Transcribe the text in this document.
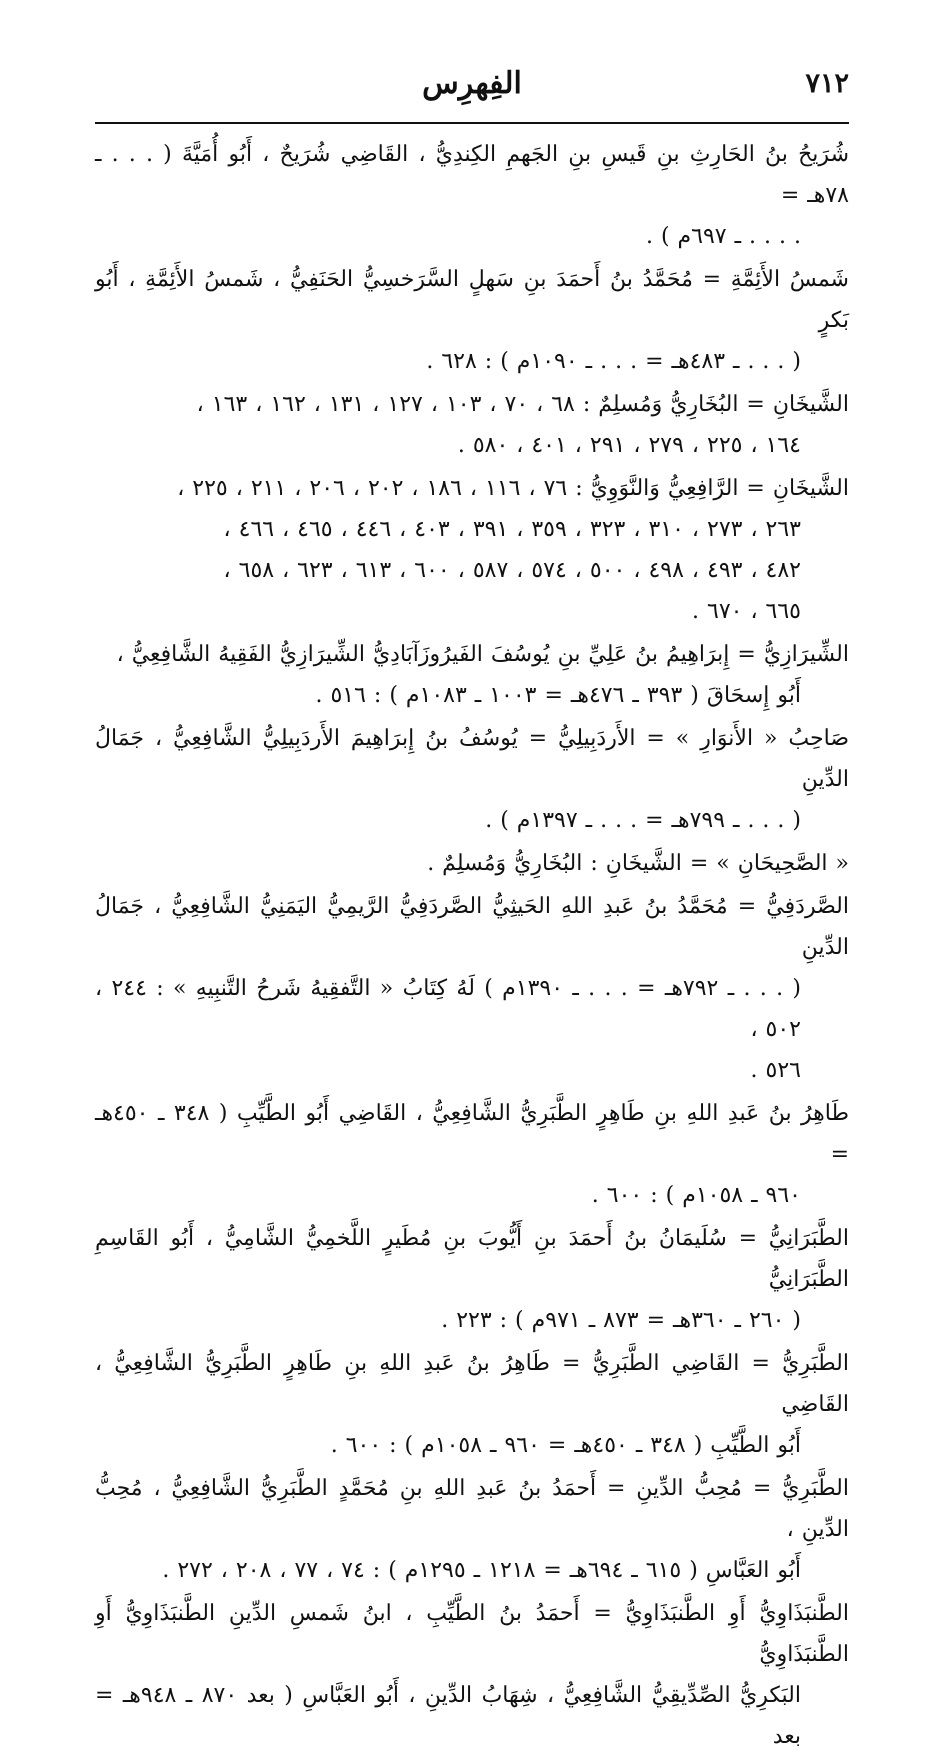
٧١٢
الفِهرِس
شُرَيحُ بنُ الحَارِثِ بنِ قَيسِ بنِ الجَهمِ الكِندِيُّ ، القَاضِي شُرَيحٌ ، أَبُو أُمَيَّةَ ( . . . ـ ٧٨هـ =
. . . . ـ ٦٩٧م ) .
شَمسُ الأَئِمَّةِ = مُحَمَّدُ بنُ أَحمَدَ بنِ سَهلٍ السَّرَخسِيُّ الحَنَفِيُّ ، شَمسُ الأَئِمَّةِ ، أَبُو بَكرٍ
( . . . ـ ٤٨٣هـ = . . . ـ ١٠٩٠م ) : ٦٢٨ .
الشَّيخَانِ = البُخَارِيُّ وَمُسلِمٌ : ٦٨ ، ٧٠ ، ١٠٣ ، ١٢٧ ، ١٣١ ، ١٦٢ ، ١٦٣ ،
١٦٤ ، ٢٢٥ ، ٢٧٩ ، ٢٩١ ، ٤٠١ ، ٥٨٠ .
الشَّيخَانِ = الرَّافِعِيُّ وَالنَّوَوِيُّ : ٧٦ ، ١١٦ ، ١٨٦ ، ٢٠٢ ، ٢٠٦ ، ٢١١ ، ٢٢٥ ،
٢٦٣ ، ٢٧٣ ، ٣١٠ ، ٣٢٣ ، ٣٥٩ ، ٣٩١ ، ٤٠٣ ، ٤٤٦ ، ٤٦٥ ، ٤٦٦ ،
٤٨٢ ، ٤٩٣ ، ٤٩٨ ، ٥٠٠ ، ٥٧٤ ، ٥٨٧ ، ٦٠٠ ، ٦١٣ ، ٦٢٣ ، ٦٥٨ ،
٦٦٥ ، ٦٧٠ .
الشِّيرَازِيُّ = إِبرَاهِيمُ بنُ عَلِيِّ بنِ يُوسُفَ الفَيرُوزَآبَادِيُّ الشِّيرَازِيُّ الفَقِيهُ الشَّافِعِيُّ ،
أَبُو إِسحَاقَ ( ٣٩٣ ـ ٤٧٦هـ = ١٠٠٣ ـ ١٠٨٣م ) : ٥١٦ .
صَاحِبُ « الأَنوَارِ » = الأَردَبِيلِيُّ = يُوسُفُ بنُ إِبرَاهِيمَ الأَردَبِيلِيُّ الشَّافِعِيُّ ، جَمَالُ الدِّينِ
( . . . ـ ٧٩٩هـ = . . . ـ ١٣٩٧م ) .
« الصَّحِيحَانِ » = الشَّيخَانِ : البُخَارِيُّ وَمُسلِمٌ .
الصَّردَفِيُّ = مُحَمَّدُ بنُ عَبدِ اللهِ الحَيثِيُّ الصَّردَفِيُّ الرَّيمِيُّ اليَمَنِيُّ الشَّافِعِيُّ ، جَمَالُ الدِّينِ
( . . . ـ ٧٩٢هـ = . . . ـ ١٣٩٠م ) لَهُ كِتَابُ « التَّفقِيهُ شَرحُ التَّنبِيهِ » : ٢٤٤ ، ٥٠٢ ،
٥٢٦ .
طَاهِرُ بنُ عَبدِ اللهِ بنِ طَاهِرٍ الطَّبَرِيُّ الشَّافِعِيُّ ، القَاضِي أَبُو الطَّيِّبِ ( ٣٤٨ ـ ٤٥٠هـ =
٩٦٠ ـ ١٠٥٨م ) : ٦٠٠ .
الطَّبَرَانِيُّ = سُلَيمَانُ بنُ أَحمَدَ بنِ أَيُّوبَ بنِ مُطَيرٍ اللَّخمِيُّ الشَّامِيُّ ، أَبُو القَاسِمِ الطَّبَرَانِيُّ
( ٢٦٠ ـ ٣٦٠هـ = ٨٧٣ ـ ٩٧١م ) : ٢٢٣ .
الطَّبَرِيُّ = القَاضِي الطَّبَرِيُّ = طَاهِرُ بنُ عَبدِ اللهِ بنِ طَاهِرٍ الطَّبَرِيُّ الشَّافِعِيُّ ، القَاضِي
أَبُو الطَّيِّبِ ( ٣٤٨ ـ ٤٥٠هـ = ٩٦٠ ـ ١٠٥٨م ) : ٦٠٠ .
الطَّبَرِيُّ = مُحِبُّ الدِّينِ = أَحمَدُ بنُ عَبدِ اللهِ بنِ مُحَمَّدٍ الطَّبَرِيُّ الشَّافِعِيُّ ، مُحِبُّ الدِّينِ ،
أَبُو العَبَّاسِ ( ٦١٥ ـ ٦٩٤هـ = ١٢١٨ ـ ١٢٩٥م ) : ٧٤ ، ٧٧ ، ٢٠٨ ، ٢٧٢ .
الطَّنبَذَاوِيُّ أَوِ الطَّنبَذَاوِيُّ = أَحمَدُ بنُ الطَّيِّبِ ، ابنُ شَمسِ الدِّينِ الطَّنبَذَاوِيُّ أَوِ الطَّنبَذَاوِيُّ
البَكرِيُّ الصِّدِّيقِيُّ الشَّافِعِيُّ ، شِهَابُ الدِّينِ ، أَبُو العَبَّاسِ ( بعد ٨٧٠ ـ ٩٤٨هـ = بعد
